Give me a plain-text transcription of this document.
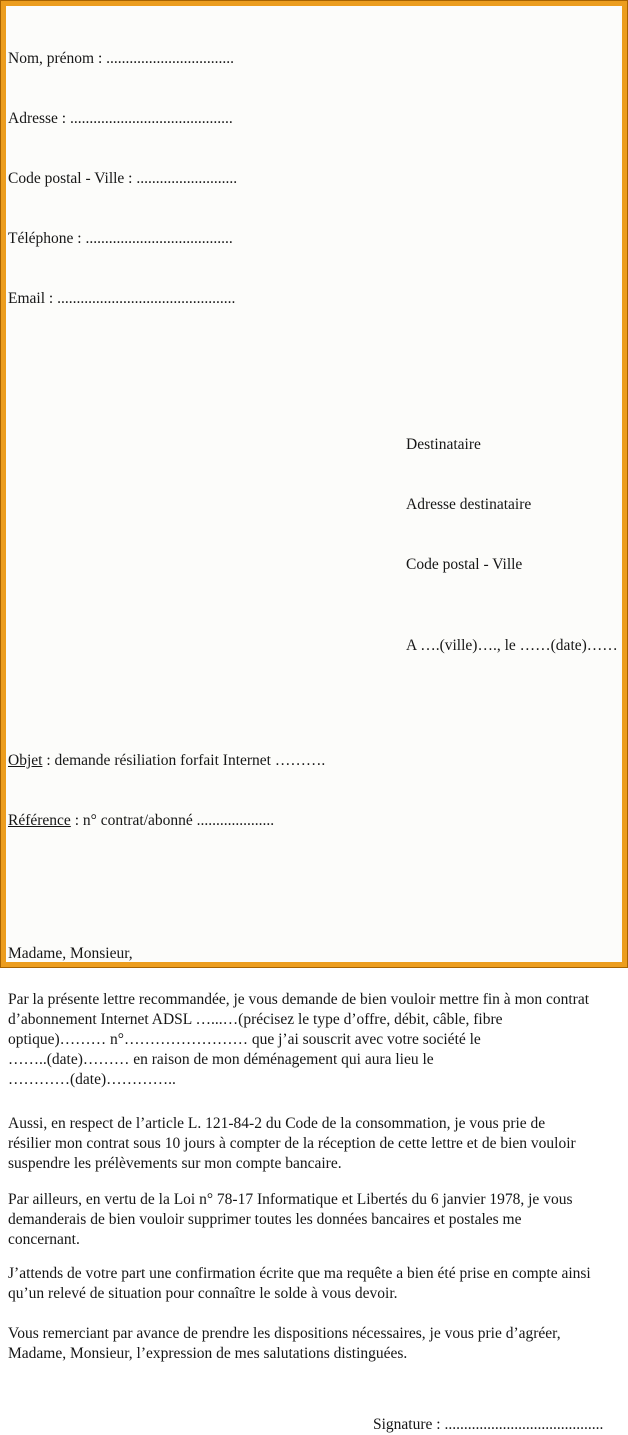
Nom, prénom : .................................

Adresse : ..........................................

Code postal - Ville : ..........................

Téléphone : ......................................

Email : ..............................................

Destinataire

Adresse destinataire

Code postal - Ville

A ….(ville)…., le ……(date)……

Objet : demande résiliation forfait Internet ……….

Référence : n° contrat/abonné ....................

Madame, Monsieur,
Par la présente lettre recommandée, je vous demande de bien vouloir mettre fin à mon contrat
d’abonnement Internet ADSL …...…(précisez le type d’offre, débit, câble, fibre
optique)……… n°…………………… que j’ai souscrit avec votre société le
……..(date)……… en raison de mon déménagement qui aura lieu le
…………(date)…………..
Aussi, en respect de l’article L. 121-84-2 du Code de la consommation, je vous prie de
résilier mon contrat sous 10 jours à compter de la réception de cette lettre et de bien vouloir
suspendre les prélèvements sur mon compte bancaire.
Par ailleurs, en vertu de la Loi n° 78-17 Informatique et Libertés du 6 janvier 1978, je vous
demanderais de bien vouloir supprimer toutes les données bancaires et postales me
concernant.
J’attends de votre part une confirmation écrite que ma requête a bien été prise en compte ainsi
qu’un relevé de situation pour connaître le solde à vous devoir.
Vous remerciant par avance de prendre les dispositions nécessaires, je vous prie d’agréer,
Madame, Monsieur, l’expression de mes salutations distinguées.
Signature : .........................................
